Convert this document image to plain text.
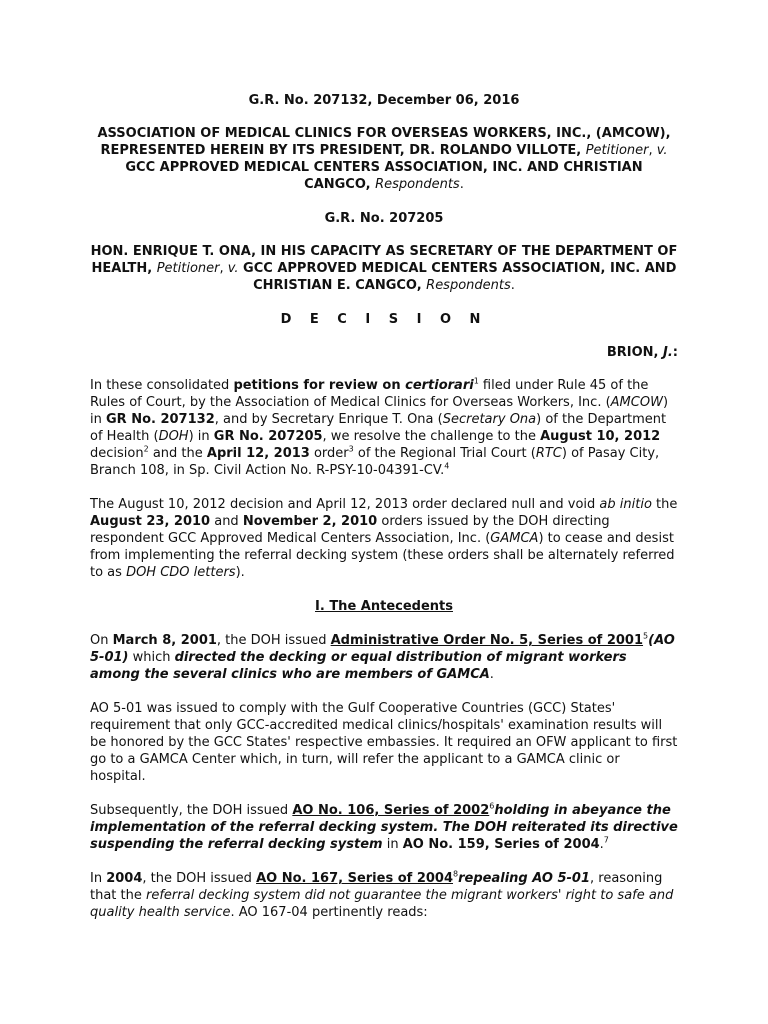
G.R. No. 207132, December 06, 2016
ASSOCIATION OF MEDICAL CLINICS FOR OVERSEAS WORKERS, INC., (AMCOW), REPRESENTED HEREIN BY ITS PRESIDENT, DR. ROLANDO VILLOTE, Petitioner, v. GCC APPROVED MEDICAL CENTERS ASSOCIATION, INC. AND CHRISTIAN CANGCO, Respondents.
G.R. No. 207205
HON. ENRIQUE T. ONA, IN HIS CAPACITY AS SECRETARY OF THE DEPARTMENT OF HEALTH, Petitioner, v. GCC APPROVED MEDICAL CENTERS ASSOCIATION, INC. AND CHRISTIAN E. CANGCO, Respondents.
D E C I S I O N
BRION, J.:

In these consolidated petitions for review on certiorari$^1$ filed under Rule 45 of the Rules of Court, by the Association of Medical Clinics for Overseas Workers, Inc. (AMCOW) in GR No. 207132, and by Secretary Enrique T. Ona (Secretary Ona) of the Department of Health (DOH) in GR No. 207205, we resolve the challenge to the August 10, 2012 decision$^2$ and the April 12, 2013 order$^3$ of the Regional Trial Court (RTC) of Pasay City, Branch 108, in Sp. Civil Action No. R-PSY-10-04391-CV.$^4$

The August 10, 2012 decision and April 12, 2013 order declared null and void ab initio the August 23, 2010 and November 2, 2010 orders issued by the DOH directing respondent GCC Approved Medical Centers Association, Inc. (GAMCA) to cease and desist from implementing the referral decking system (these orders shall be alternately referred to as DOH CDO letters).

I. The Antecedents

On March 8, 2001, the DOH issued Administrative Order No. 5, Series of 2001$^5$(AO 5-01) which directed the decking or equal distribution of migrant workers among the several clinics who are members of GAMCA.

AO 5-01 was issued to comply with the Gulf Cooperative Countries (GCC) States' requirement that only GCC-accredited medical clinics/hospitals' examination results will be honored by the GCC States' respective embassies. It required an OFW applicant to first go to a GAMCA Center which, in turn, will refer the applicant to a GAMCA clinic or hospital.

Subsequently, the DOH issued AO No. 106, Series of 2002$^6$holding in abeyance the implementation of the referral decking system. The DOH reiterated its directive suspending the referral decking system in AO No. 159, Series of 2004.$^7$

In 2004, the DOH issued AO No. 167, Series of 2004$^8$repealing AO 5-01, reasoning that the referral decking system did not guarantee the migrant workers' right to safe and quality health service. AO 167-04 pertinently reads:
